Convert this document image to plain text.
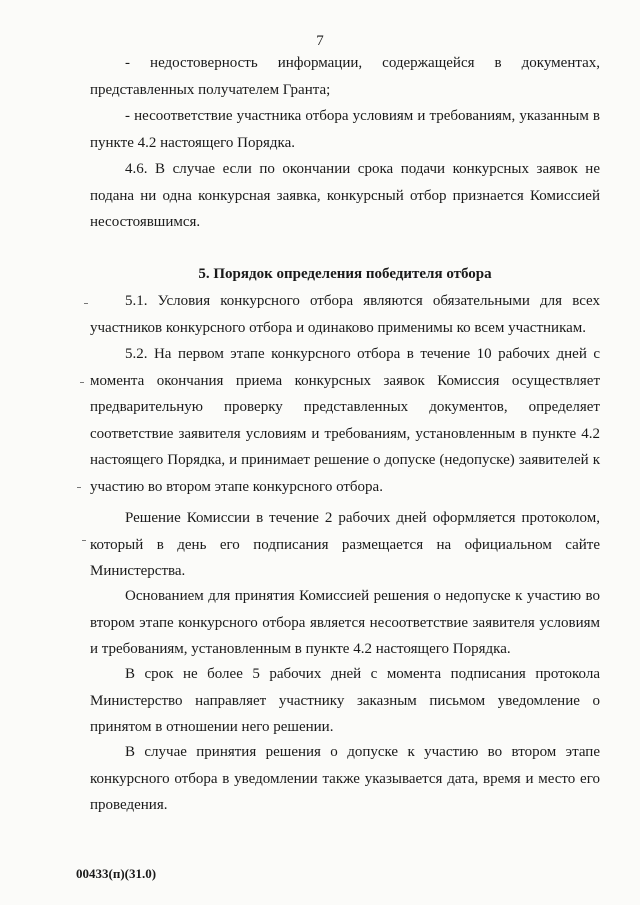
7

- недостоверность информации, содержащейся в документах, представленных получателем Гранта;

- несоответствие участника отбора условиям и требованиям, указанным в пункте 4.2 настоящего Порядка.

4.6. В случае если по окончании срока подачи конкурсных заявок не подана ни одна конкурсная заявка, конкурсный отбор признается Комиссией несостоявшимся.

5. Порядок определения победителя отбора

5.1. Условия конкурсного отбора являются обязательными для всех участников конкурсного отбора и одинаково применимы ко всем участникам.

5.2. На первом этапе конкурсного отбора в течение 10 рабочих дней с момента окончания приема конкурсных заявок Комиссия осуществляет предварительную проверку представленных документов, определяет соответствие заявителя условиям и требованиям, установленным в пункте 4.2 настоящего Порядка, и принимает решение о допуске (недопуске) заявителей к участию во втором этапе конкурсного отбора.

Решение Комиссии в течение 2 рабочих дней оформляется протоколом, который в день его подписания размещается на официальном сайте Министерства.

Основанием для принятия Комиссией решения о недопуске к участию во втором этапе конкурсного отбора является несоответствие заявителя условиям и требованиям, установленным в пункте 4.2 настоящего Порядка.

В срок не более 5 рабочих дней с момента подписания протокола Министерство направляет участнику заказным письмом уведомление о принятом в отношении него решении.

В случае принятия решения о допуске к участию во втором этапе конкурсного отбора в уведомлении также указывается дата, время и место его проведения.

00433(п)(31.0)
